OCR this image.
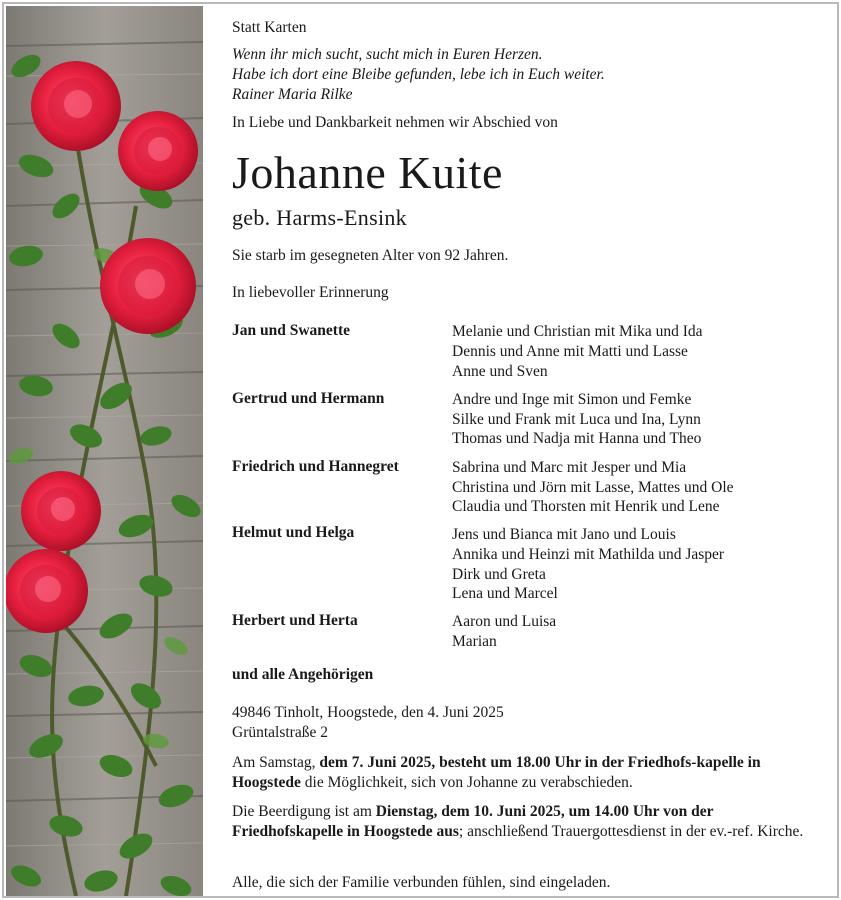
Statt Karten
Wenn ihr mich sucht, sucht mich in Euren Herzen.
Habe ich dort eine Bleibe gefunden, lebe ich in Euch weiter.
Rainer Maria Rilke
In Liebe und Dankbarkeit nehmen wir Abschied von
Johanne Kuite
geb. Harms-Ensink
Sie starb im gesegneten Alter von 92 Jahren.
In liebevoller Erinnerung
Jan und Swanette	Melanie und Christian mit Mika und Ida
Dennis und Anne mit Matti und Lasse
Anne und Sven
Gertrud und Hermann	Andre und Inge mit Simon und Femke
Silke und Frank mit Luca und Ina, Lynn
Thomas und Nadja mit Hanna und Theo
Friedrich und Hannegret	Sabrina und Marc mit Jesper und Mia
Christina und Jörn mit Lasse, Mattes und Ole
Claudia und Thorsten mit Henrik und Lene
Helmut und Helga	Jens und Bianca mit Jano und Louis
Annika und Heinzi mit Mathilda und Jasper
Dirk und Greta
Lena und Marcel
Herbert und Herta	Aaron und Luisa
Marian
und alle Angehörigen
49846 Tinholt, Hoogstede, den 4. Juni 2025
Grüntalstraße 2
Am Samstag, dem 7. Juni 2025, besteht um 18.00 Uhr in der Friedhofs-kapelle in Hoogstede die Möglichkeit, sich von Johanne zu verabschieden.
Die Beerdigung ist am Dienstag, dem 10. Juni 2025, um 14.00 Uhr von der Friedhofskapelle in Hoogstede aus; anschließend Trauergottesdienst in der ev.-ref. Kirche.
Alle, die sich der Familie verbunden fühlen, sind eingeladen.
